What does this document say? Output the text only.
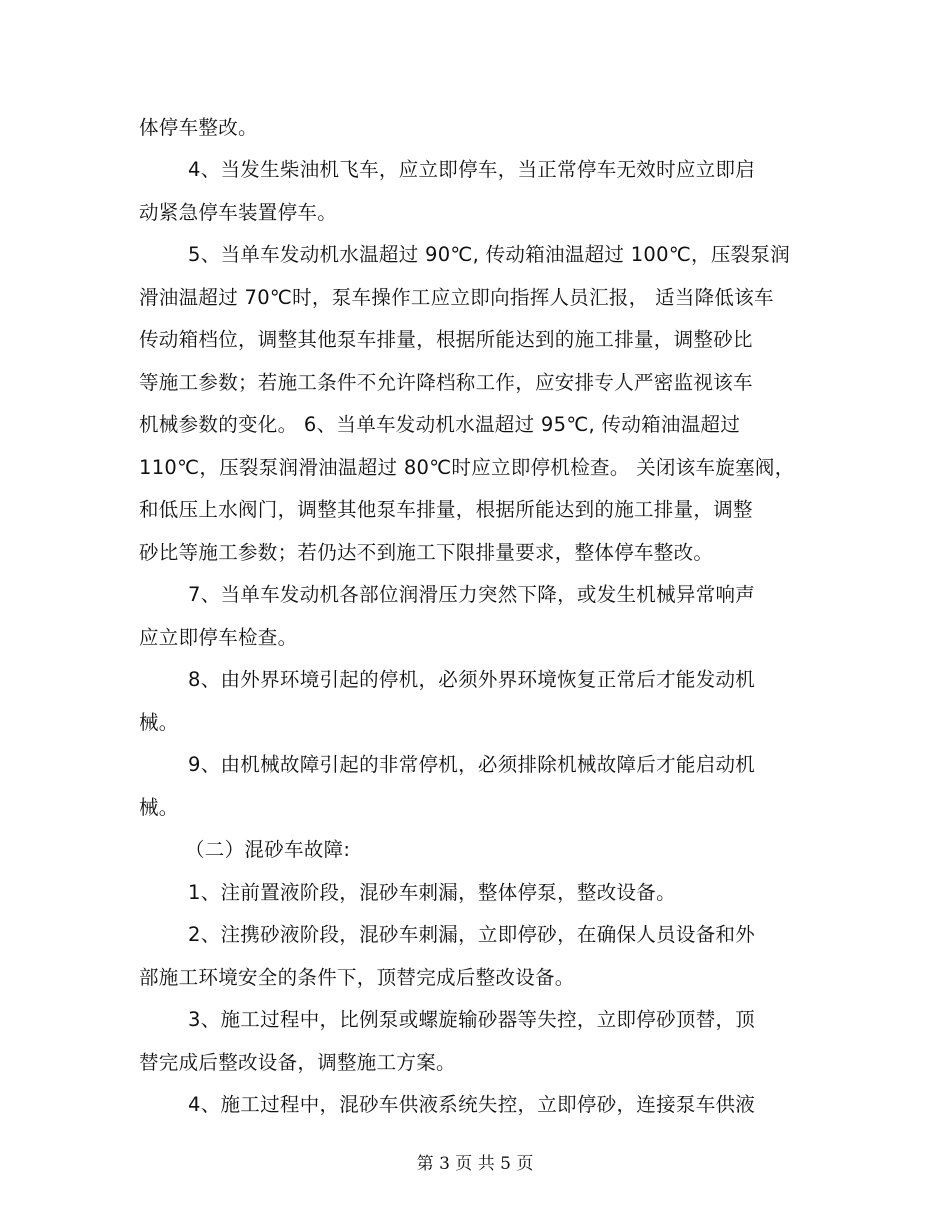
体停车整改。
4、当发生柴油机飞车，应立即停车，当正常停车无效时应立即启
动紧急停车装置停车。
5、当单车发动机水温超过 90℃, 传动箱油温超过 100℃，压裂泵润
滑油温超过 70℃时，泵车操作工应立即向指挥人员汇报， 适当降低该车
传动箱档位，调整其他泵车排量，根据所能达到的施工排量，调整砂比
等施工参数；若施工条件不允许降档称工作，应安排专人严密监视该车
机械参数的变化。 6、当单车发动机水温超过 95℃, 传动箱油温超过
110℃，压裂泵润滑油温超过 80℃时应立即停机检查。 关闭该车旋塞阀，
和低压上水阀门，调整其他泵车排量，根据所能达到的施工排量，调整
砂比等施工参数；若仍达不到施工下限排量要求，整体停车整改。
7、当单车发动机各部位润滑压力突然下降，或发生机械异常响声
应立即停车检查。
8、由外界环境引起的停机，必须外界环境恢复正常后才能发动机
械。
9、由机械故障引起的非常停机，必须排除机械故障后才能启动机
械。
（二）混砂车故障:
1、注前置液阶段，混砂车刺漏，整体停泵，整改设备。
2、注携砂液阶段，混砂车刺漏，立即停砂，在确保人员设备和外
部施工环境安全的条件下，顶替完成后整改设备。
3、施工过程中，比例泵或螺旋输砂器等失控，立即停砂顶替，顶
替完成后整改设备，调整施工方案。
4、施工过程中，混砂车供液系统失控，立即停砂，连接泵车供液
第 3 页 共 5 页
